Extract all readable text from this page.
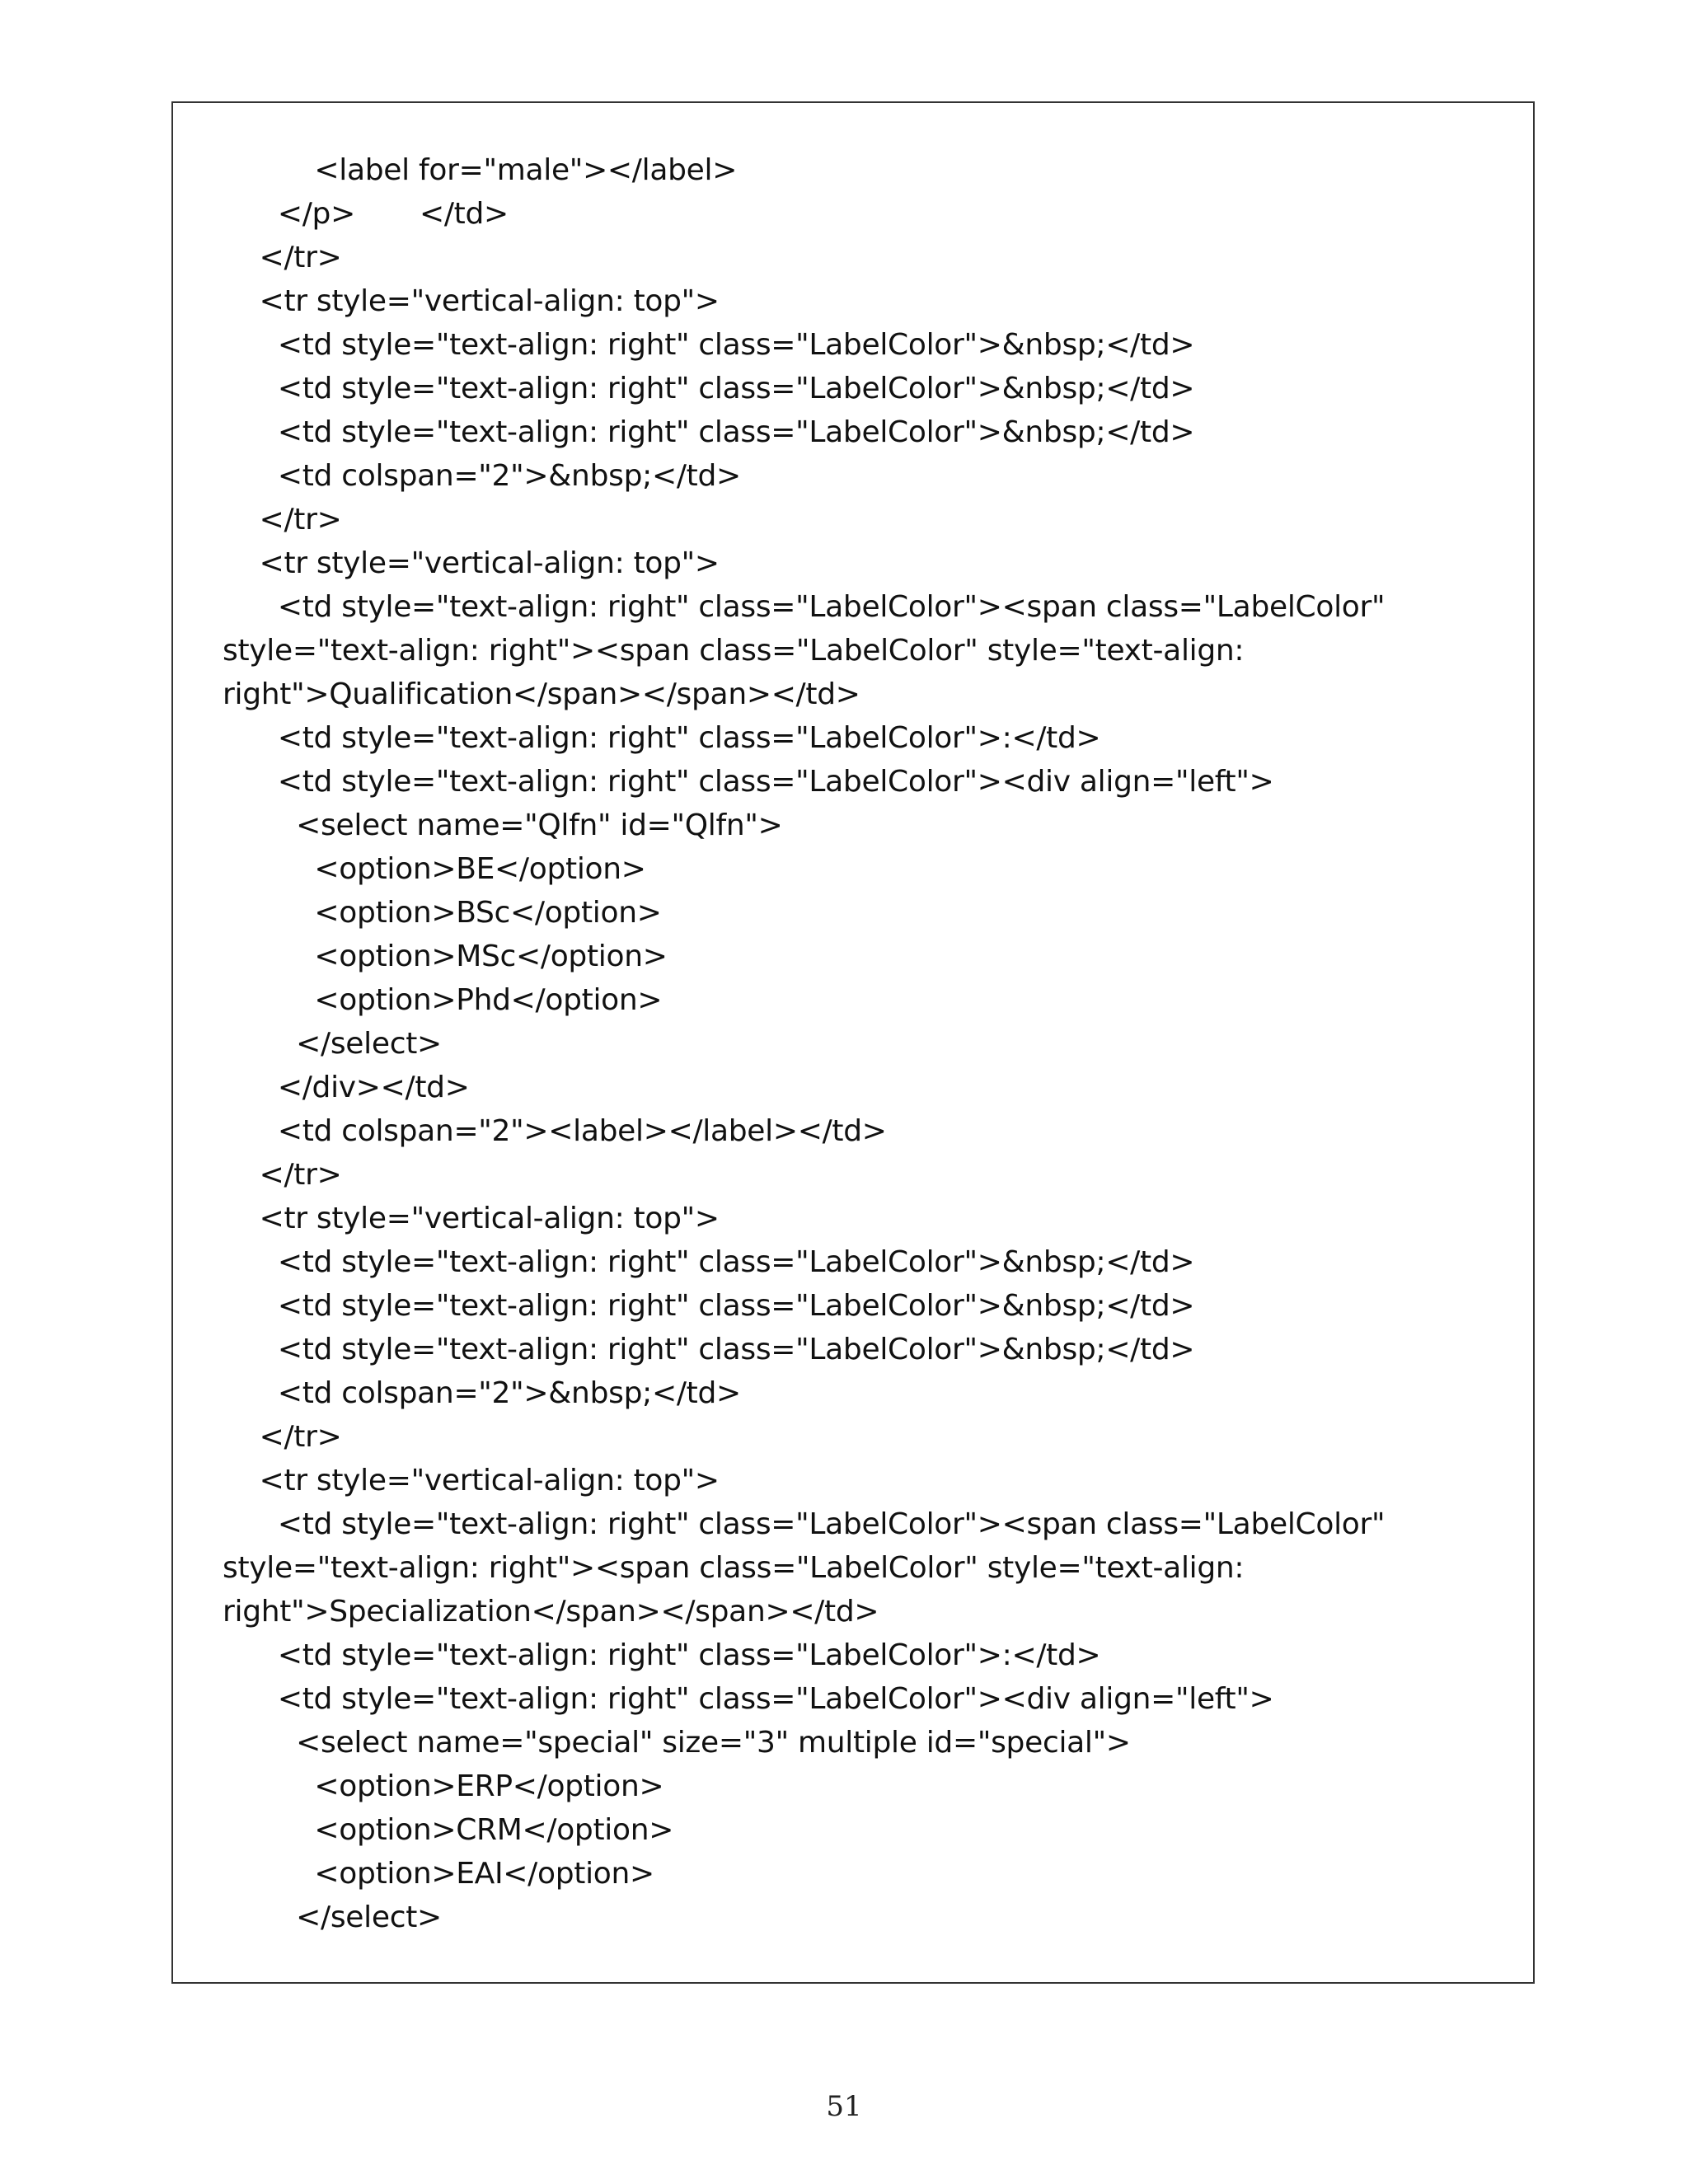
<label for="male"></label>
</p>       </td>
</tr>
<tr style="vertical-align: top">
<td style="text-align: right" class="LabelColor">&nbsp;</td>
<td style="text-align: right" class="LabelColor">&nbsp;</td>
<td style="text-align: right" class="LabelColor">&nbsp;</td>
<td colspan="2">&nbsp;</td>
</tr>
<tr style="vertical-align: top">
<td style="text-align: right" class="LabelColor"><span class="LabelColor"
style="text-align: right"><span class="LabelColor" style="text-align:
right">Qualification</span></span></td>
<td style="text-align: right" class="LabelColor">:</td>
<td style="text-align: right" class="LabelColor"><div align="left">
<select name="Qlfn" id="Qlfn">
<option>BE</option>
<option>BSc</option>
<option>MSc</option>
<option>Phd</option>
</select>
</div></td>
<td colspan="2"><label></label></td>
</tr>
<tr style="vertical-align: top">
<td style="text-align: right" class="LabelColor">&nbsp;</td>
<td style="text-align: right" class="LabelColor">&nbsp;</td>
<td style="text-align: right" class="LabelColor">&nbsp;</td>
<td colspan="2">&nbsp;</td>
</tr>
<tr style="vertical-align: top">
<td style="text-align: right" class="LabelColor"><span class="LabelColor"
style="text-align: right"><span class="LabelColor" style="text-align:
right">Specialization</span></span></td>
<td style="text-align: right" class="LabelColor">:</td>
<td style="text-align: right" class="LabelColor"><div align="left">
<select name="special" size="3" multiple id="special">
<option>ERP</option>
<option>CRM</option>
<option>EAI</option>
</select>
51
